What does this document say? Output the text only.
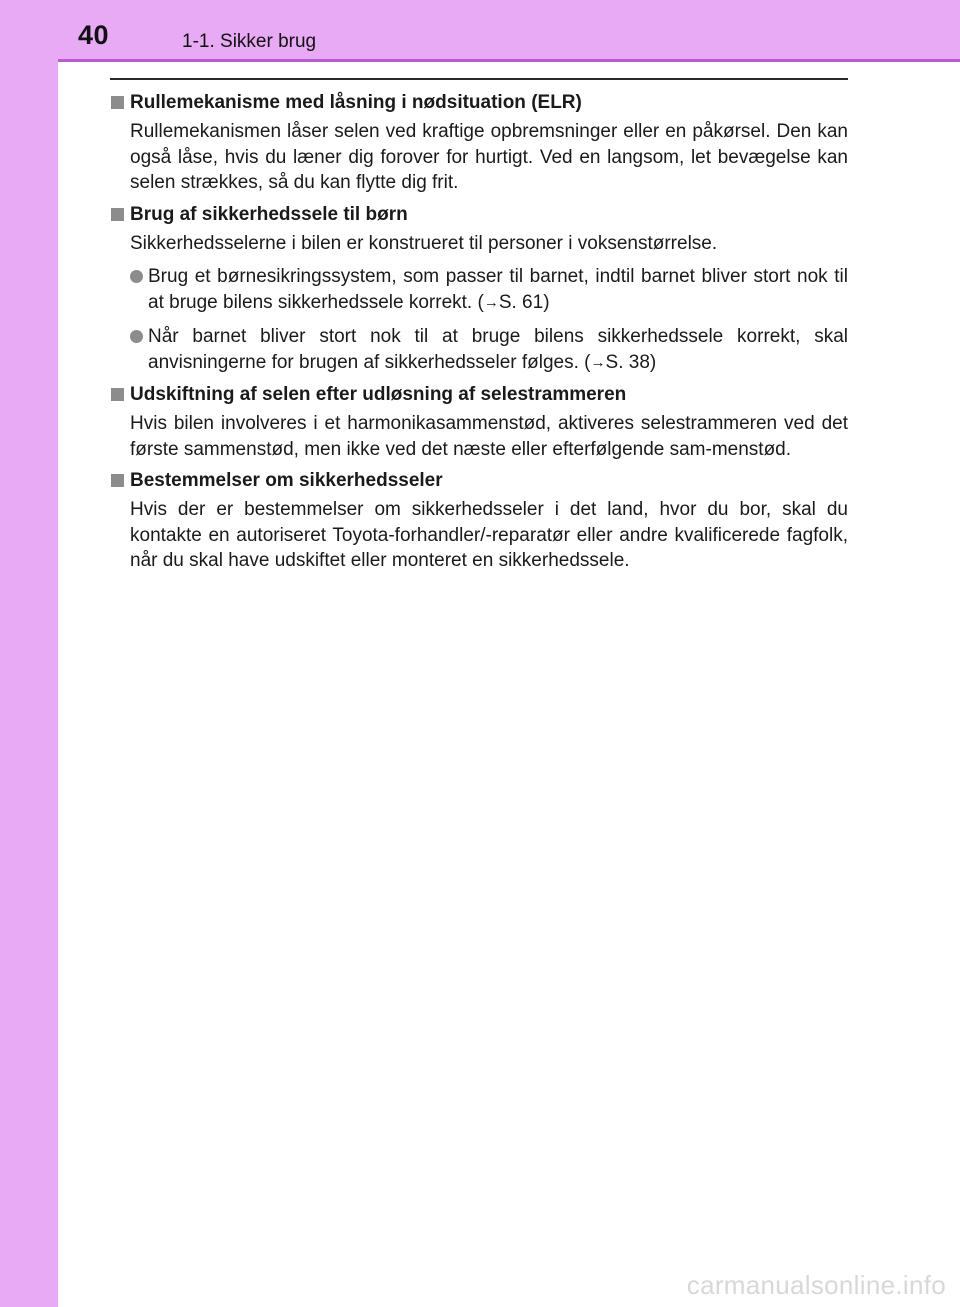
40	1-1. Sikker brug

Rullemekanisme med låsning i nødsituation (ELR)

Rullemekanismen låser selen ved kraftige opbremsninger eller en påkørsel. Den kan også låse, hvis du læner dig forover for hurtigt. Ved en langsom, let bevægelse kan selen strækkes, så du kan flytte dig frit.

Brug af sikkerhedssele til børn

Sikkerhedsselerne i bilen er konstrueret til personer i voksenstørrelse.

Brug et børnesikringssystem, som passer til barnet, indtil barnet bliver stort nok til at bruge bilens sikkerhedssele korrekt. (→S. 61)

Når barnet bliver stort nok til at bruge bilens sikkerhedssele korrekt, skal anvisningerne for brugen af sikkerhedsseler følges. (→S. 38)

Udskiftning af selen efter udløsning af selestrammeren

Hvis bilen involveres i et harmonikasammenstød, aktiveres selestrammeren ved det første sammenstød, men ikke ved det næste eller efterfølgende sam-menstød.

Bestemmelser om sikkerhedsseler

Hvis der er bestemmelser om sikkerhedsseler i det land, hvor du bor, skal du kontakte en autoriseret Toyota-forhandler/-reparatør eller andre kvalificerede fagfolk, når du skal have udskiftet eller monteret en sikkerhedssele.

carmanualsonline.info
